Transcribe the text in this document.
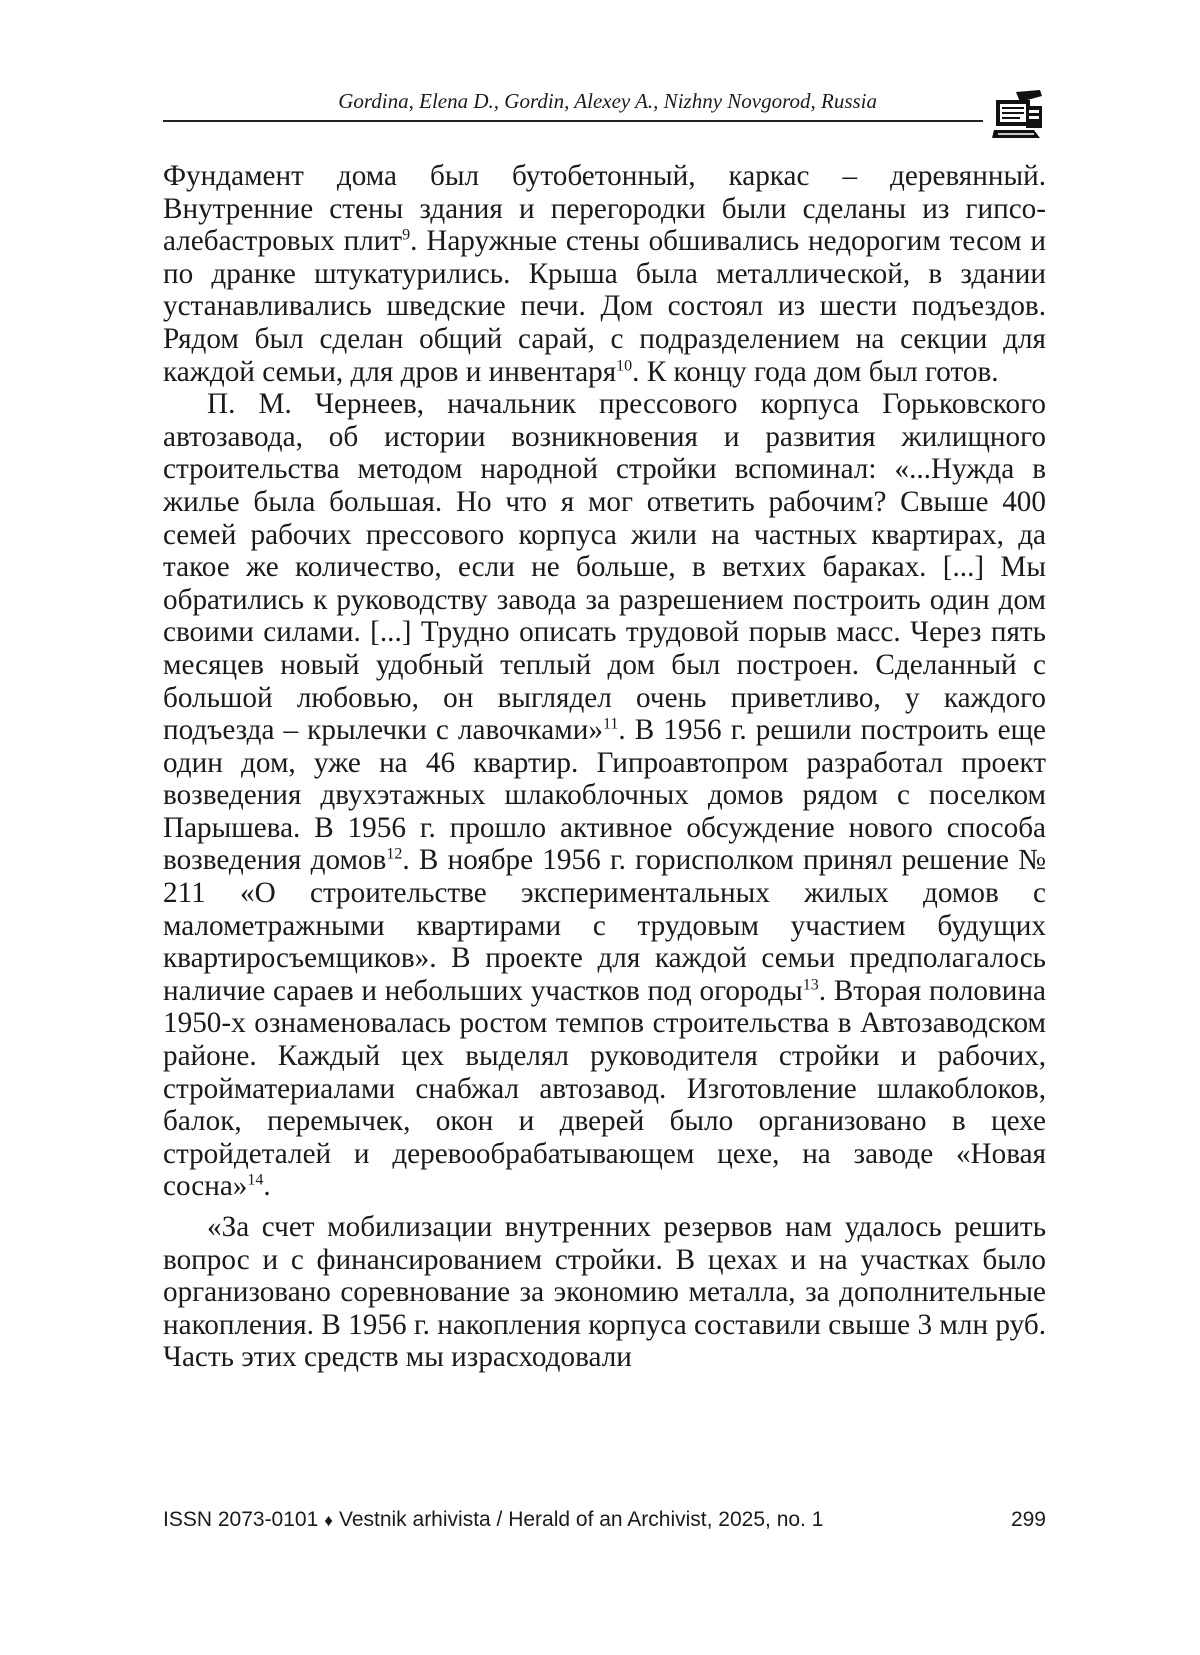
Gordina, Elena D., Gordin, Alexey A., Nizhny Novgorod, Russia

Фундамент дома был бутобетонный, каркас – деревянный. Внутренние стены здания и перегородки были сделаны из гипсо-алебастровых плит$^9$. Наружные стены обшивались недорогим тесом и по дранке штукатурились. Крыша была металлической, в здании устанавливались шведские печи. Дом состоял из шести подъездов. Рядом был сделан общий сарай, с подразделением на секции для каждой семьи, для дров и инвентаря$^{10}$. К концу года дом был готов.

П. М. Чернеев, начальник прессового корпуса Горьковского автозавода, об истории возникновения и развития жилищного строительства методом народной стройки вспоминал: «...Нужда в жилье была большая. Но что я мог ответить рабочим? Свыше 400 семей рабочих прессового корпуса жили на частных квартирах, да такое же количество, если не больше, в ветхих бараках. [...] Мы обратились к руководству завода за разрешением построить один дом своими силами. [...] Трудно описать трудовой порыв масс. Через пять месяцев новый удобный теплый дом был построен. Сделанный с большой любовью, он выглядел очень приветливо, у каждого подъезда – крылечки с лавочками»$^{11}$. В 1956 г. решили построить еще один дом, уже на 46 квартир. Гипроавтопром разработал проект возведения двухэтажных шлакоблочных домов рядом с поселком Парышева. В 1956 г. прошло активное обсуждение нового способа возведения домов$^{12}$. В ноябре 1956 г. горисполком принял решение № 211 «О строительстве экспериментальных жилых домов с малометражными квартирами с трудовым участием будущих квартиросъемщиков». В проекте для каждой семьи предполагалось наличие сараев и небольших участков под огороды$^{13}$. Вторая половина 1950-х ознаменовалась ростом темпов строительства в Автозаводском районе. Каждый цех выделял руководителя стройки и рабочих, стройматериалами снабжал автозавод. Изготовление шлакоблоков, балок, перемычек, окон и дверей было организовано в цехе стройдеталей и деревообрабатывающем цехе, на заводе «Новая сосна»$^{14}$.

«За счет мобилизации внутренних резервов нам удалось решить вопрос и с финансированием стройки. В цехах и на участках было организовано соревнование за экономию металла, за дополнительные накопления. В 1956 г. накопления корпуса составили свыше 3 млн руб. Часть этих средств мы израсходовали

ISSN 2073-0101 ♦ Vestnik arhivista / Herald of an Archivist, 2025, no. 1	299
